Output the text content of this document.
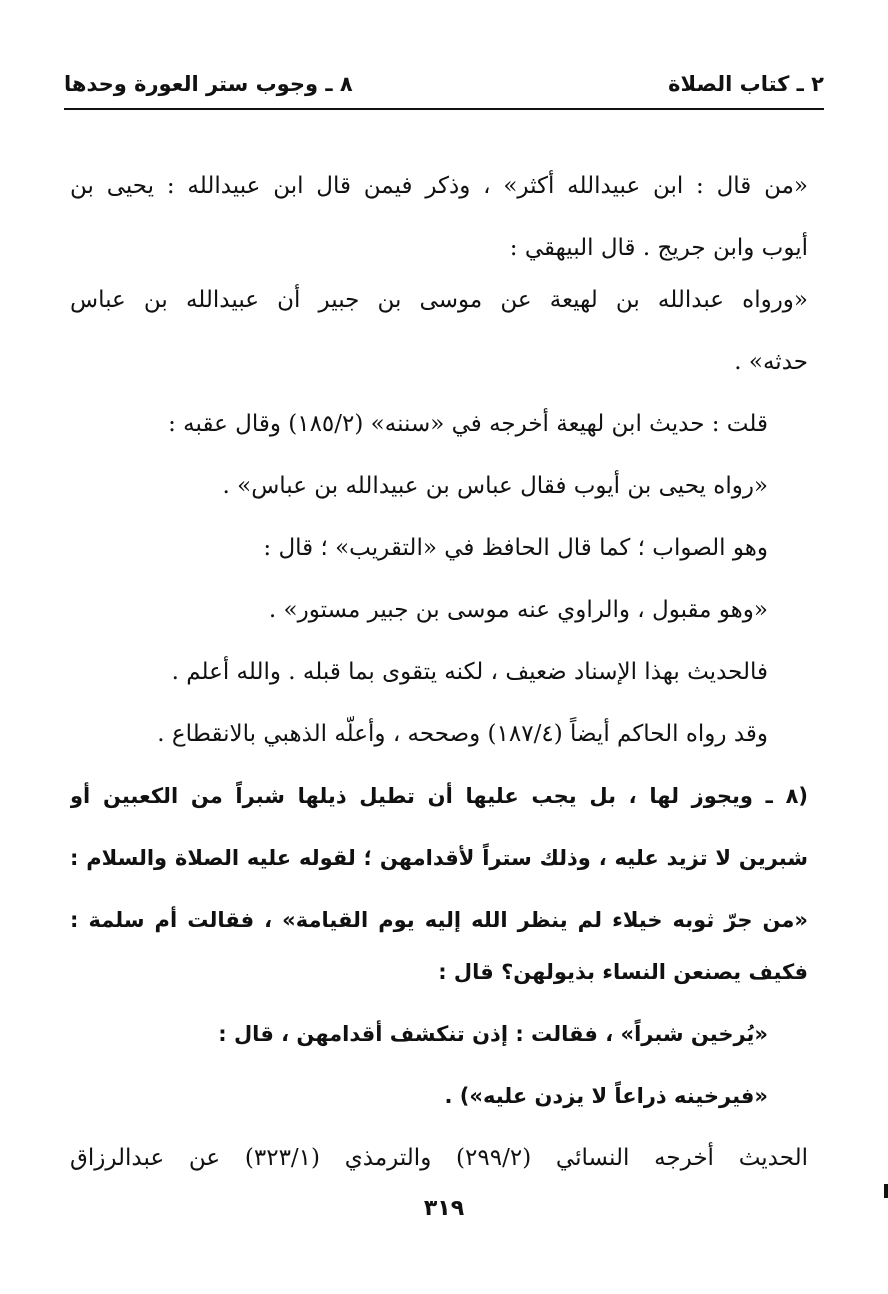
٢ ـ كتاب الصلاة
٨ ـ وجوب ستر العورة وحدها
«من قال : ابن عبيدالله أكثر» ، وذكر فيمن قال ابن عبيدالله : يحيى بن
أيوب وابن جريج . قال البيهقي :
«ورواه عبدالله بن لهيعة عن موسى بن جبير أن عبيدالله بن عباس
حدثه» .
قلت : حديث ابن لهيعة أخرجه في «سننه» (١٨٥/٢) وقال عقبه :
«رواه يحيى بن أيوب فقال عباس بن عبيدالله بن عباس» .
وهو الصواب ؛ كما قال الحافظ في «التقريب» ؛ قال :
«وهو مقبول ، والراوي عنه موسى بن جبير مستور» .
فالحديث بهذا الإسناد ضعيف ، لكنه يتقوى بما قبله . والله أعلم .
وقد رواه الحاكم أيضاً (١٨٧/٤) وصححه ، وأعلّه الذهبي بالانقطاع .
(٨ ـ ويجوز لها ، بل يجب عليها أن تطيل ذيلها شبراً من الكعبين أو
شبرين لا تزيد عليه ، وذلك ستراً لأقدامهن ؛ لقوله عليه الصلاة والسلام :
«من جرّ ثوبه خيلاء لم ينظر الله إليه يوم القيامة» ، فقالت أم سلمة :
فكيف يصنعن النساء بذيولهن؟ قال :
«يُرخين شبراً» ، فقالت : إذن تنكشف أقدامهن ، قال :
«فيرخينه ذراعاً لا يزدن عليه») .
الحديث أخرجه النسائي (٢٩٩/٢) والترمذي (٣٢٣/١) عن عبدالرزاق
٣١٩
